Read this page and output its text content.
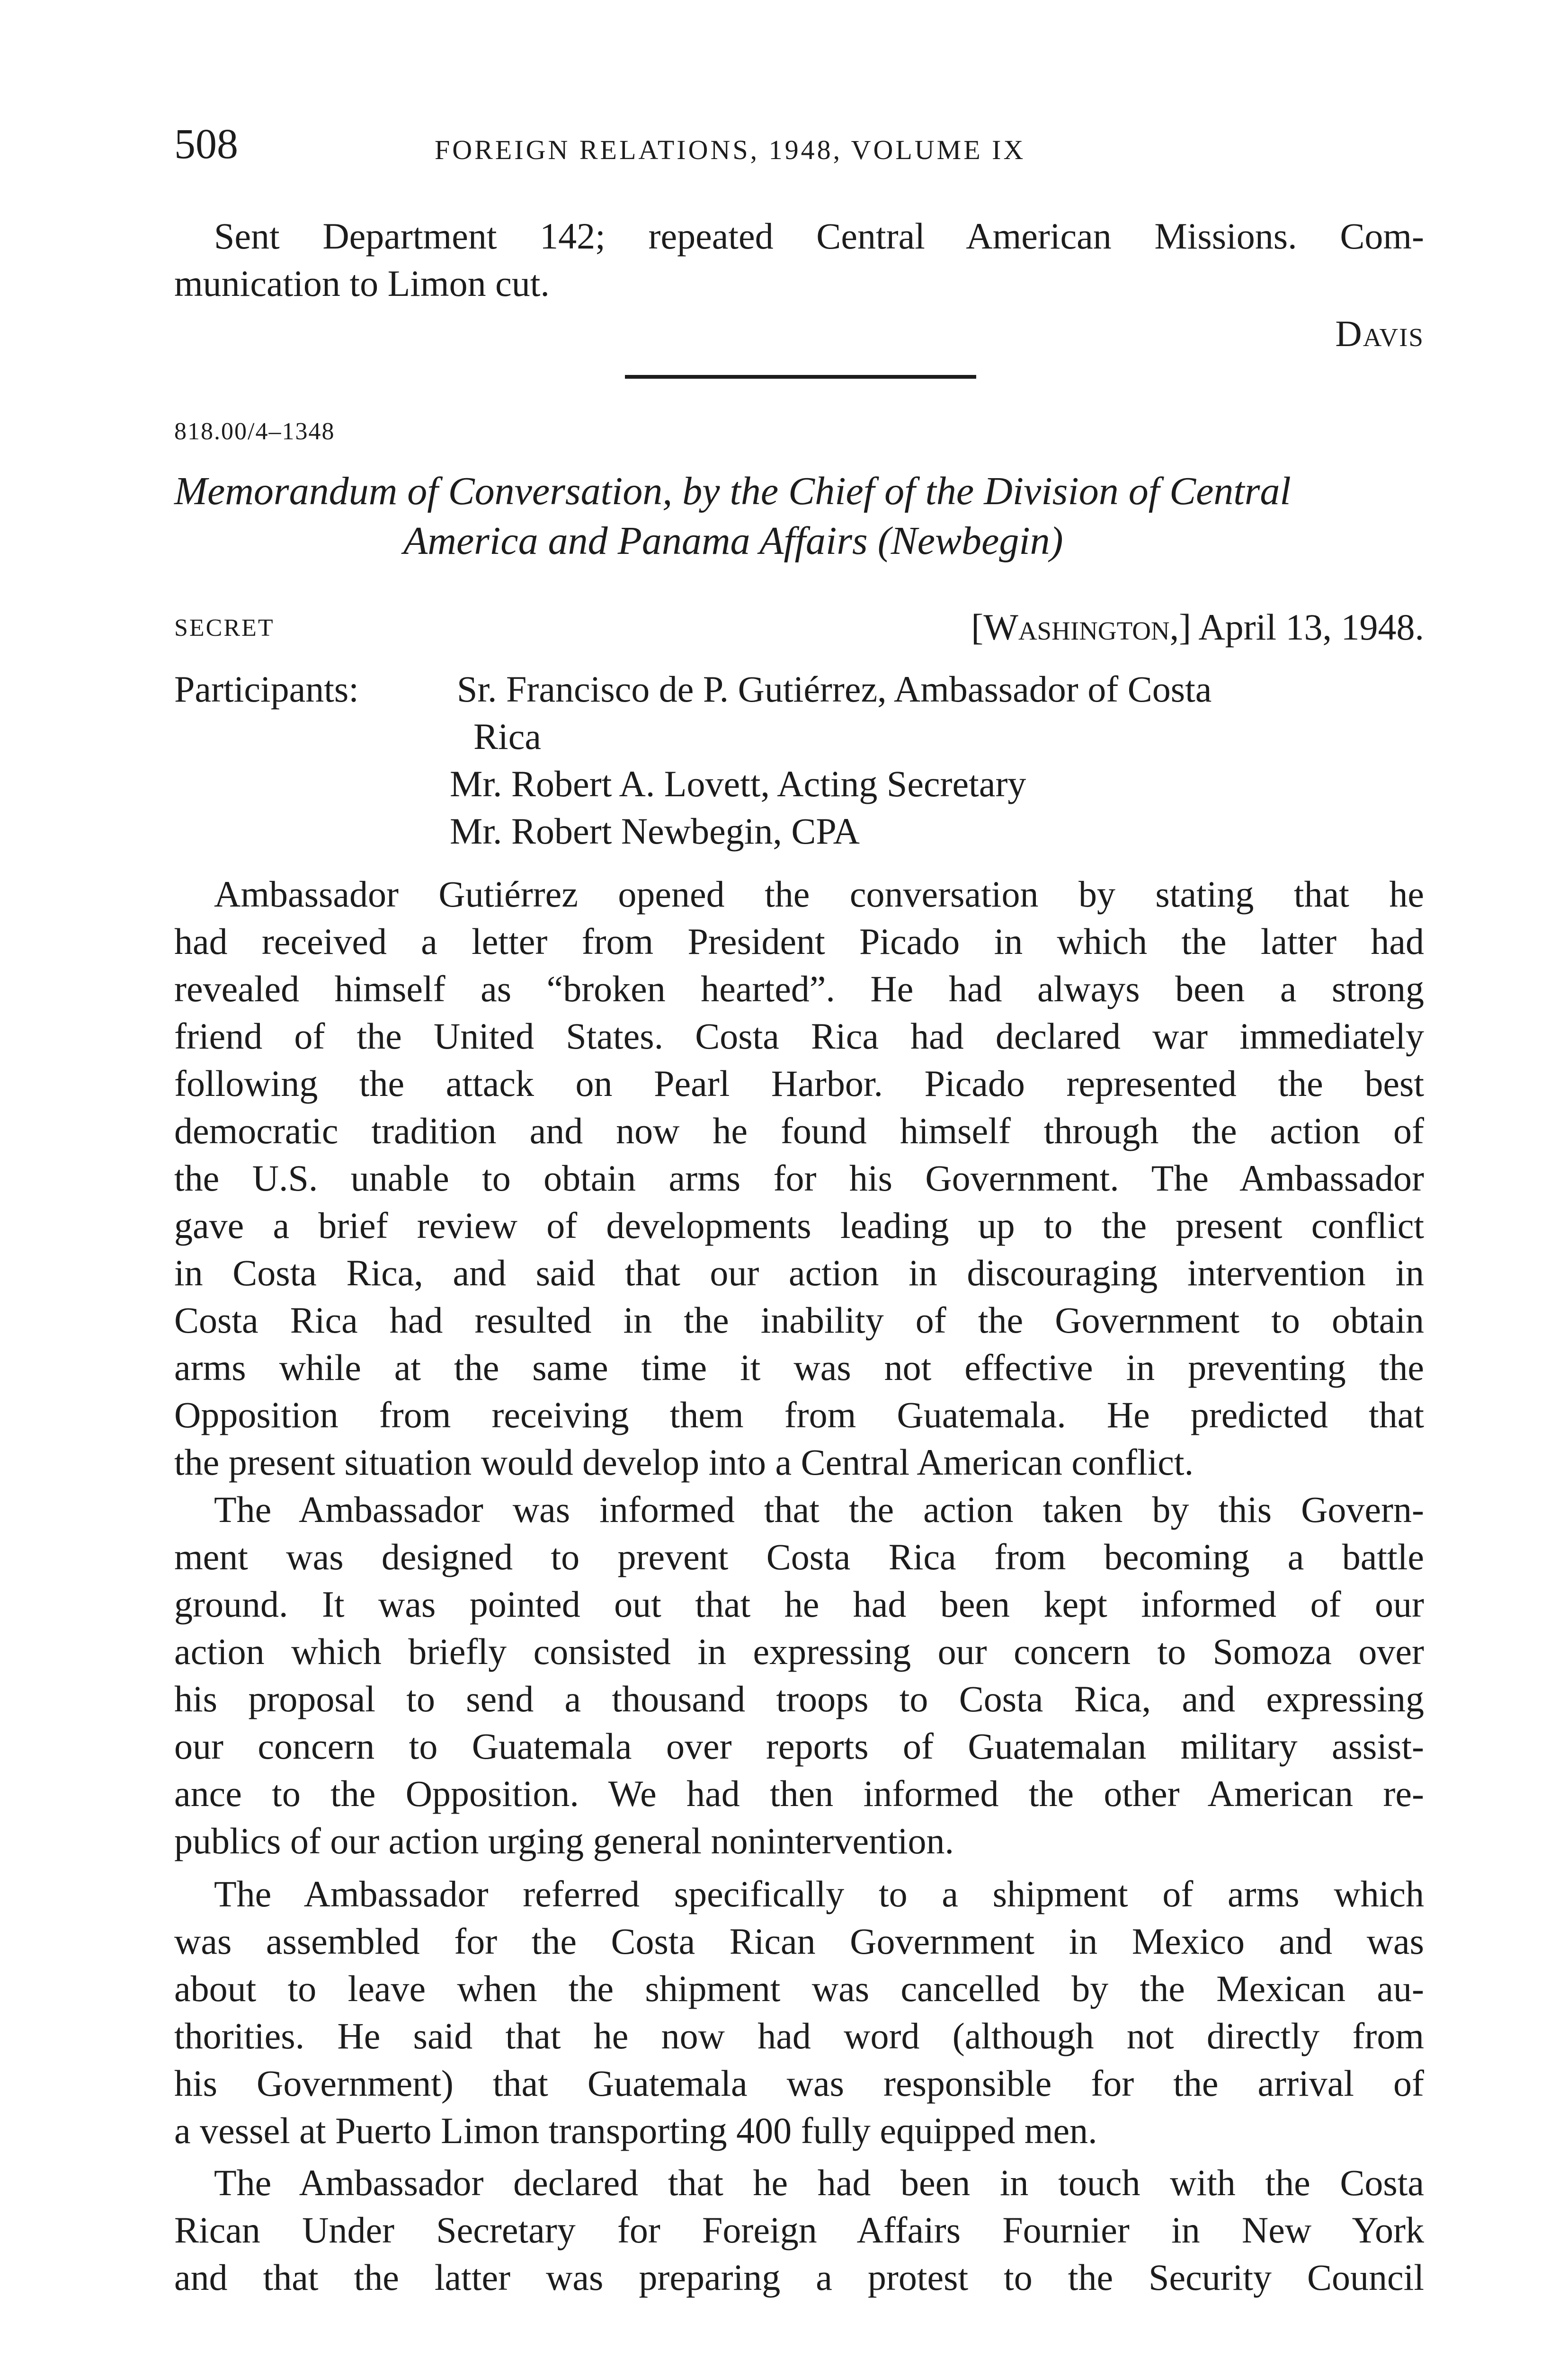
508	FOREIGN RELATIONS, 1948, VOLUME IX
Sent Department 142; repeated Central American Missions. Com-
munication to Limon cut.
Davis
818.00/4–1348
Memorandum of Conversation, by the Chief of the Division of Central
America and Panama Affairs (Newbegin)
SECRET	[Washington,] April 13, 1948.
Participants:	Sr. Francisco de P. Gutiérrez, Ambassador of Costa
Rica
Mr. Robert A. Lovett, Acting Secretary
Mr. Robert Newbegin, CPA
Ambassador Gutiérrez opened the conversation by stating that he
had received a letter from President Picado in which the latter had
revealed himself as “broken hearted”. He had always been a strong
friend of the United States. Costa Rica had declared war immediately
following the attack on Pearl Harbor. Picado represented the best
democratic tradition and now he found himself through the action of
the U.S. unable to obtain arms for his Government. The Ambassador
gave a brief review of developments leading up to the present conflict
in Costa Rica, and said that our action in discouraging intervention in
Costa Rica had resulted in the inability of the Government to obtain
arms while at the same time it was not effective in preventing the
Opposition from receiving them from Guatemala. He predicted that
the present situation would develop into a Central American conflict.
The Ambassador was informed that the action taken by this Govern-
ment was designed to prevent Costa Rica from becoming a battle
ground. It was pointed out that he had been kept informed of our
action which briefly consisted in expressing our concern to Somoza over
his proposal to send a thousand troops to Costa Rica, and expressing
our concern to Guatemala over reports of Guatemalan military assist-
ance to the Opposition. We had then informed the other American re-
publics of our action urging general nonintervention.
The Ambassador referred specifically to a shipment of arms which
was assembled for the Costa Rican Government in Mexico and was
about to leave when the shipment was cancelled by the Mexican au-
thorities. He said that he now had word (although not directly from
his Government) that Guatemala was responsible for the arrival of
a vessel at Puerto Limon transporting 400 fully equipped men.
The Ambassador declared that he had been in touch with the Costa
Rican Under Secretary for Foreign Affairs Fournier in New York
and that the latter was preparing a protest to the Security Council
